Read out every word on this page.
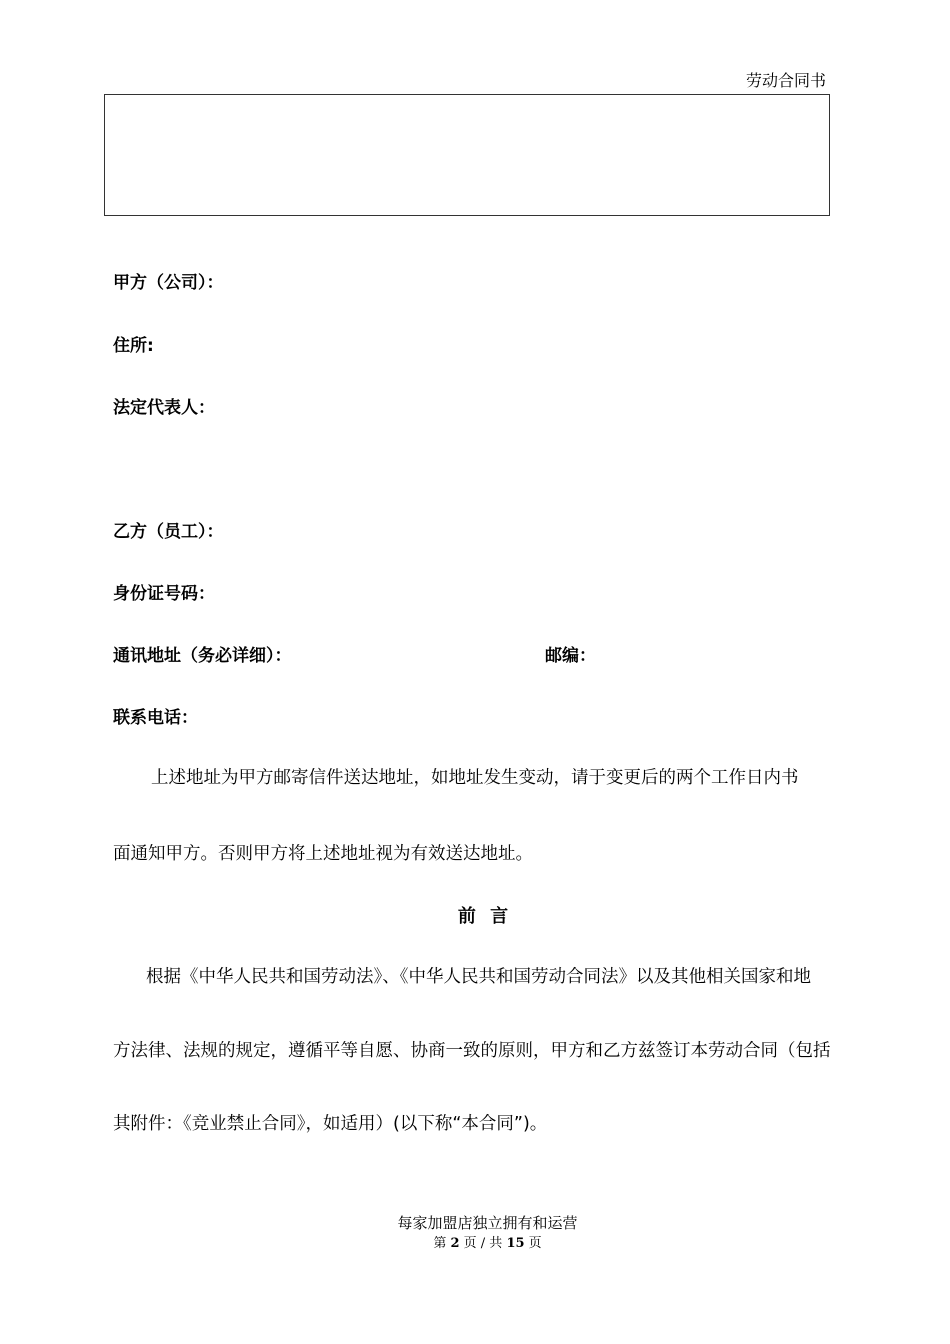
劳动合同书
甲方（公司）：
住所:
法定代表人：
乙方（员工）：
身份证号码：
通讯地址（务必详细）：	邮编：
联系电话：
上述地址为甲方邮寄信件送达地址，如地址发生变动，请于变更后的两个工作日内书
面通知甲方。否则甲方将上述地址视为有效送达地址。
前 言
根据《中华人民共和国劳动法》、《中华人民共和国劳动合同法》以及其他相关国家和地
方法律、法规的规定，遵循平等自愿、协商一致的原则，甲方和乙方兹签订本劳动合同（包括
其附件：《竞业禁止合同》，如适用）(以下称“本合同”)。
每家加盟店独立拥有和运营
第 2 页 / 共 15 页
